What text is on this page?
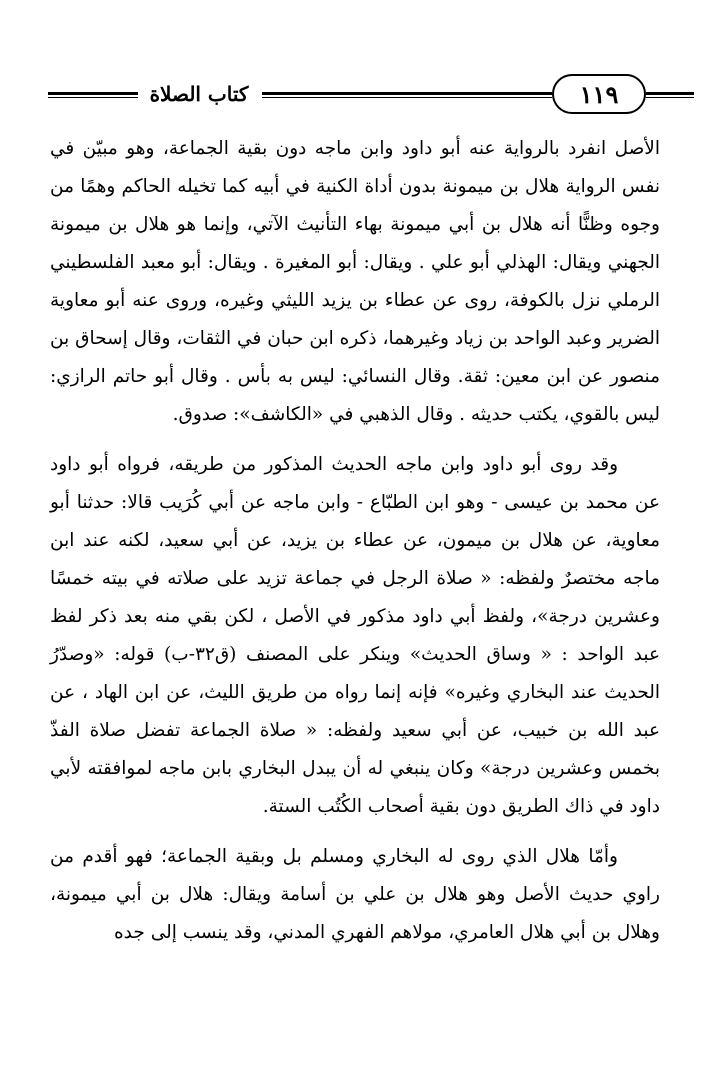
كتاب الصلاة	١١٩

الأصل انفرد بالرواية عنه أبو داود وابن ماجه دون بقية الجماعة، وهو مبيّن في نفس الرواية هلال بن ميمونة بدون أداة الكنية في أبيه كما تخيله الحاكم وهمًا من وجوه وظنًّا أنه هلال بن أبي ميمونة بهاء التأنيث الآتي، وإنما هو هلال بن ميمونة الجهني ويقال: الهذلي أبو علي . ويقال: أبو المغيرة . ويقال: أبو معبد الفلسطيني الرملي نزل بالكوفة، روى عن عطاء بن يزيد الليثي وغيره، وروى عنه أبو معاوية الضرير وعبد الواحد بن زياد وغيرهما، ذكره ابن حبان في الثقات، وقال إسحاق بن منصور عن ابن معين: ثقة. وقال النسائي: ليس به بأس . وقال أبو حاتم الرازي: ليس بالقوي، يكتب حديثه . وقال الذهبي في «الكاشف»: صدوق.

وقد روى أبو داود وابن ماجه الحديث المذكور من طريقه، فرواه أبو داود عن محمد بن عيسى - وهو ابن الطبّاع - وابن ماجه عن أبي كُرَيب قالا: حدثنا أبو معاوية، عن هلال بن ميمون، عن عطاء بن يزيد، عن أبي سعيد، لكنه عند ابن ماجه مختصرٌ ولفظه: « صلاة الرجل في جماعة تزيد على صلاته في بيته خمسًا وعشرين درجة»، ولفظ أبي داود مذكور في الأصل ، لكن بقي منه بعد ذكر لفظ عبد الواحد : « وساق الحديث» وينكر على المصنف (ق٣٢-ب) قوله: «وصدّرُ الحديث عند البخاري وغيره» فإنه إنما رواه من طريق الليث، عن ابن الهاد ، عن عبد الله بن خبيب، عن أبي سعيد ولفظه: « صلاة الجماعة تفضل صلاة الفذّ بخمس وعشرين درجة» وكان ينبغي له أن يبدل البخاري بابن ماجه لموافقته لأبي داود في ذاك الطريق دون بقية أصحاب الكُتُب الستة.

وأمّا هلال الذي روى له البخاري ومسلم بل وبقية الجماعة؛ فهو أقدم من راوي حديث الأصل وهو هلال بن علي بن أسامة ويقال: هلال بن أبي ميمونة، وهلال بن أبي هلال العامري، مولاهم الفهري المدني، وقد ينسب إلى جده
